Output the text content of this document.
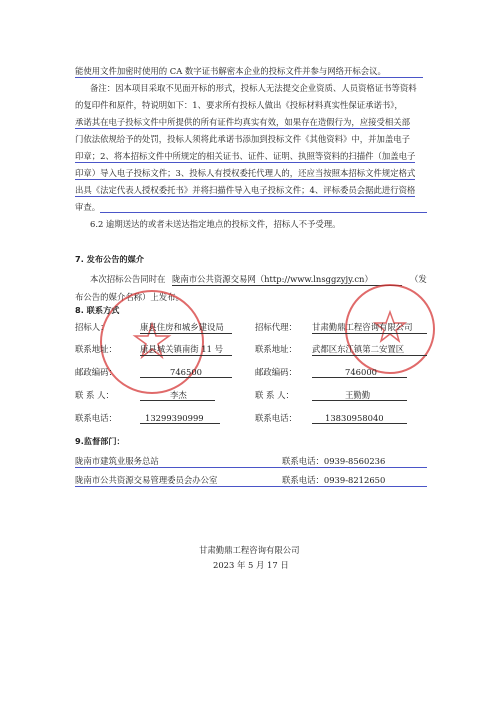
能使用文件加密时使用的 CA 数字证书解密本企业的投标文件并参与网络开标会议。
备注：因本项目采取不见面开标的形式，投标人无法提交企业资质、人员资格证书等资料
的复印件和原件，特说明如下：1、要求所有投标人做出《投标材料真实性保证承诺书》，
承诺其在电子投标文件中所提供的所有证件均真实有效，如果存在造假行为，应接受相关部
门依法依规给予的处罚，投标人须将此承诺书添加到投标文件《其他资料》中，并加盖电子
印章；2、将本招标文件中所规定的相关证书、证件、证明、执照等资料的扫描件（加盖电子
印章）导入电子投标文件；3、投标人有授权委托代理人的，还应当按照本招标文件规定格式
出具《法定代表人授权委托书》并将扫描件导入电子投标文件；4、评标委员会据此进行资格
审查。
6.2 逾期送达的或者未送达指定地点的投标文件，招标人不予受理。
7. 发布公告的媒介
本次招标公告同时在 陇南市公共资源交易网（http://www.lnsggzyjy.cn）	（发
布公告的媒介名称）上发布。
8. 联系方式
招标人：	康县住房和城乡建设局	招标代理： 甘肃勤鼎工程咨询有限公司
联系地址：	康县城关镇南街 11 号	联系地址： 武都区东江镇第二安置区
邮政编码：	746500	邮政编码：	746000
联 系 人：	李杰	联 系 人：	王勤勤
联系电话：	13299390999	联系电话：	13830958040
9.监督部门：
陇南市建筑业服务总站	联系电话：0939-8560236
陇南市公共资源交易管理委员会办公室	联系电话：0939-8212650
甘肃勤鼎工程咨询有限公司
2023 年 5 月 17 日
